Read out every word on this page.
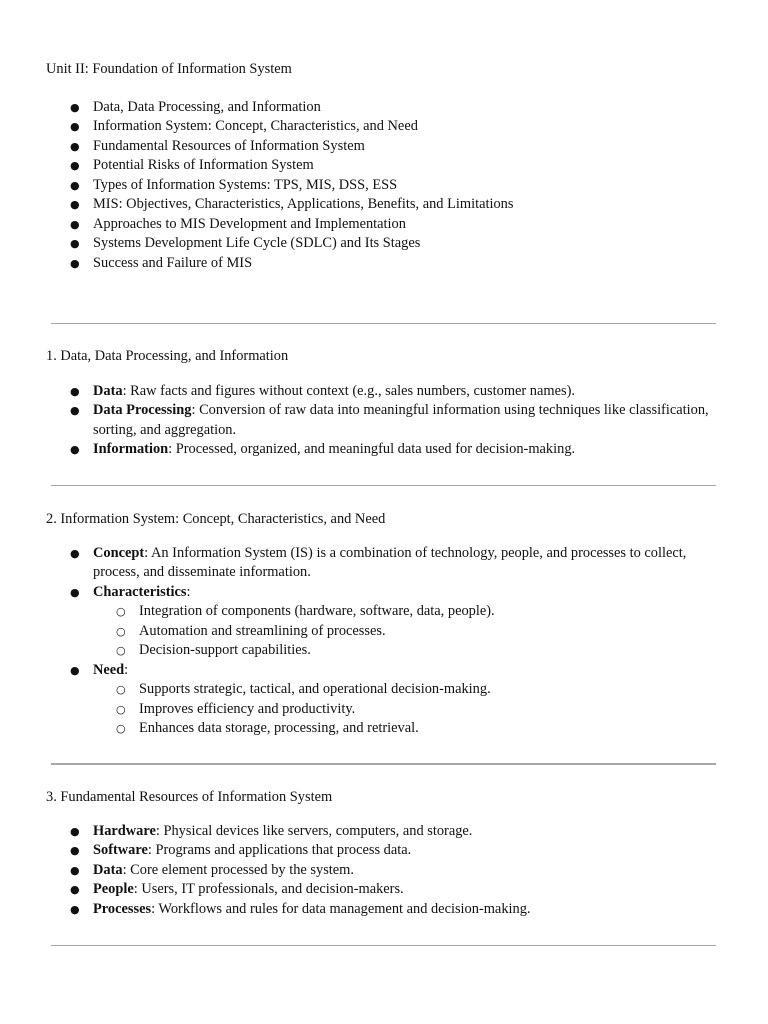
Unit II: Foundation of Information System

● Data, Data Processing, and Information
● Information System: Concept, Characteristics, and Need
● Fundamental Resources of Information System
● Potential Risks of Information System
● Types of Information Systems: TPS, MIS, DSS, ESS
● MIS: Objectives, Characteristics, Applications, Benefits, and Limitations
● Approaches to MIS Development and Implementation
● Systems Development Life Cycle (SDLC) and Its Stages
● Success and Failure of MIS

1. Data, Data Processing, and Information

● Data: Raw facts and figures without context (e.g., sales numbers, customer names).
● Data Processing: Conversion of raw data into meaningful information using techniques like classification, sorting, and aggregation.
● Information: Processed, organized, and meaningful data used for decision-making.

2. Information System: Concept, Characteristics, and Need

● Concept: An Information System (IS) is a combination of technology, people, and processes to collect, process, and disseminate information.
● Characteristics:
○ Integration of components (hardware, software, data, people).
○ Automation and streamlining of processes.
○ Decision-support capabilities.
● Need:
○ Supports strategic, tactical, and operational decision-making.
○ Improves efficiency and productivity.
○ Enhances data storage, processing, and retrieval.

3. Fundamental Resources of Information System

● Hardware: Physical devices like servers, computers, and storage.
● Software: Programs and applications that process data.
● Data: Core element processed by the system.
● People: Users, IT professionals, and decision-makers.
● Processes: Workflows and rules for data management and decision-making.
